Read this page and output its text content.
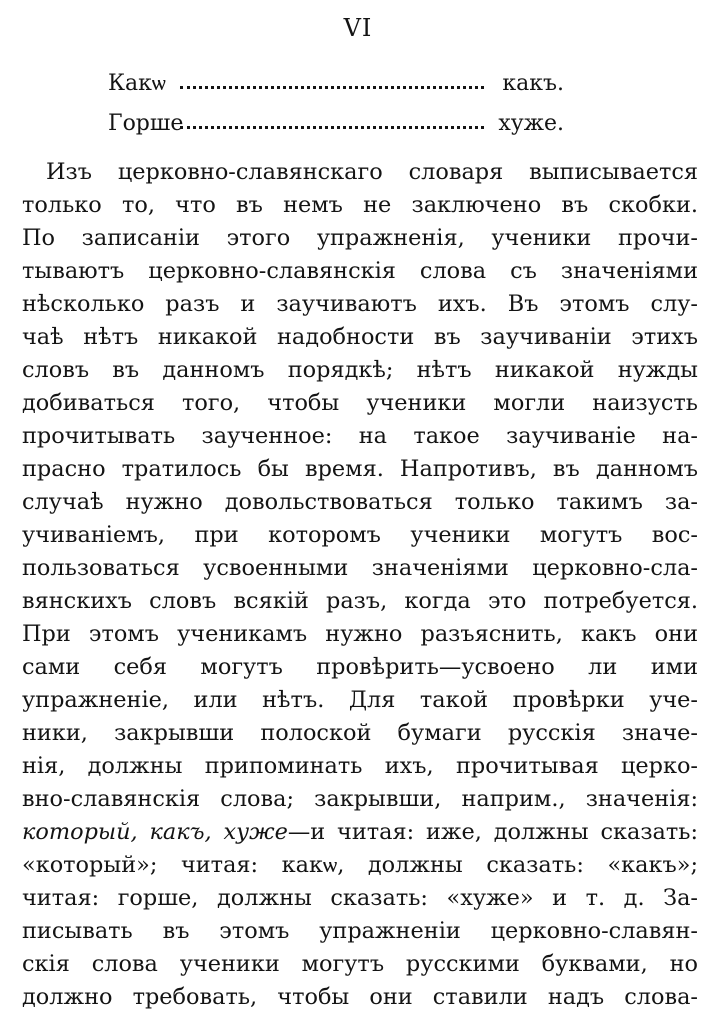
VI
Какѡ	какъ.
Горше	хуже.
Изъ церковно-славянскаго словаря выписывается
только то, что въ немъ не заключено въ скобки.
По записаніи этого упражненія, ученики прочи-
тываютъ церковно-славянскія слова съ значеніями
нѣсколько разъ и заучиваютъ ихъ. Въ этомъ слу-
чаѣ нѣтъ никакой надобности въ заучиваніи этихъ
словъ въ данномъ порядкѣ; нѣтъ никакой нужды
добиваться того, чтобы ученики могли наизусть
прочитывать заученное: на такое заучиваніе на-
прасно тратилось бы время. Напротивъ, въ данномъ
случаѣ нужно довольствоваться только такимъ за-
учиваніемъ, при которомъ ученики могутъ вос-
пользоваться усвоенными значеніями церковно-сла-
вянскихъ словъ всякій разъ, когда это потребуется.
При этомъ ученикамъ нужно разъяснить, какъ они
сами себя могутъ провѣрить—усвоено ли ими
упражненіе, или нѣтъ. Для такой провѣрки уче-
ники, закрывши полоской бумаги русскія значе-
нія, должны припоминать ихъ, прочитывая церко-
вно-славянскія слова; закрывши, наприм., значенія:
который, какъ, хуже—и читая: иже, должны сказать:
«который»; читая: какѡ, должны сказать: «какъ»;
читая: горше, должны сказать: «хуже» и т. д. За-
писывать въ этомъ упражненіи церковно-славян-
скія слова ученики могутъ русскими буквами, но
должно требовать, чтобы они ставили надъ слова-
